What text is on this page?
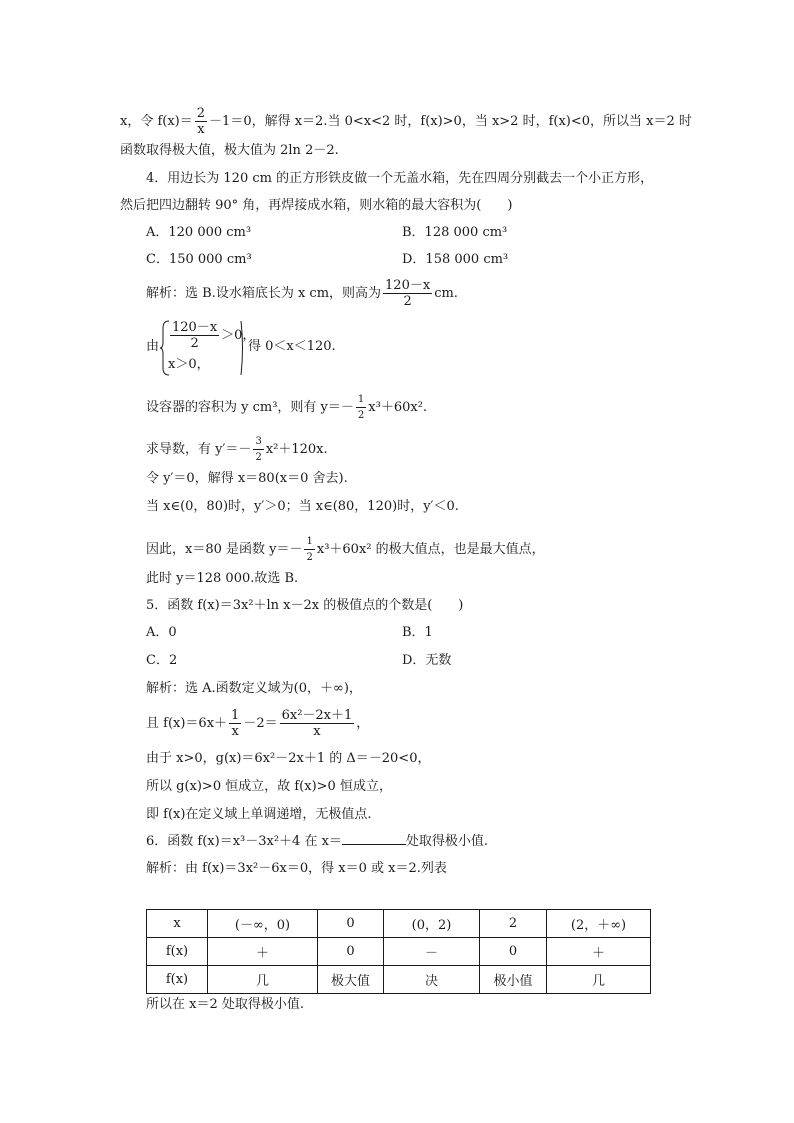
x，令 $f(x)= \frac{2}{x} -1=0$，解得 x＝2.当 0<x<2 时，f(x)>0，当 x>2 时，f(x)<0，所以当 x＝2 时
函数取得极大值，极大值为 2ln 2－2.
4．用边长为 120 cm 的正方形铁皮做一个无盖水箱，先在四周分别截去一个小正方形，
然后把四边翻转 90° 角，再焊接成水箱，则水箱的最大容积为(　　)
A．120 000 cm³	B．128 000 cm³
C．150 000 cm³	D．158 000 cm³
解析：选 B.设水箱底长为 x cm，则高为 $\frac{120-x}{2}$ cm.
由 $\frac{120-x}{2} >0$，
x＞0，
得 0＜x＜120.
设容器的容积为 y cm³，则有 $y=- \frac{1}{2} x^3+60x^2$.
求导数，有 $y'=- \frac{3}{2} x^2+120x$.
令 y′＝0，解得 x＝80(x＝0 舍去).
当 x∈(0，80)时，y′＞0；当 x∈(80，120)时，y′＜0.
因此，x＝80 是函数 $y=- \frac{1}{2} x^3+60x^2$ 的极大值点，也是最大值点，
此时 y＝128 000.故选 B.
5．函数 f(x)＝3x²＋ln x－2x 的极值点的个数是(　　)
A．0	B．1
C．2	D．无数
解析：选 A.函数定义域为(0，＋∞)，
且 $f(x)=6x+ \frac{1}{x} -2= \frac{\text{6x²－2x＋1}}{x}$ ，
由于 x>0，g(x)＝6x²－2x＋1 的 Δ＝－20<0，
所以 g(x)>0 恒成立，故 f(x)>0 恒成立，
即 f(x)在定义域上单调递增，无极值点.
6．函数 f(x)＝x³－3x²＋4 在 x＝	处取得极小值.
解析：由 f(x)＝3x²－6x＝0，得 x＝0 或 x＝2.列表
x	(－∞，0)	0	(0，2)	2	(2，＋∞)
f(x)	＋	0	－	0	＋
f(x)	几	极大值	决	极小值	几
所以在 x＝2 处取得极小值.
